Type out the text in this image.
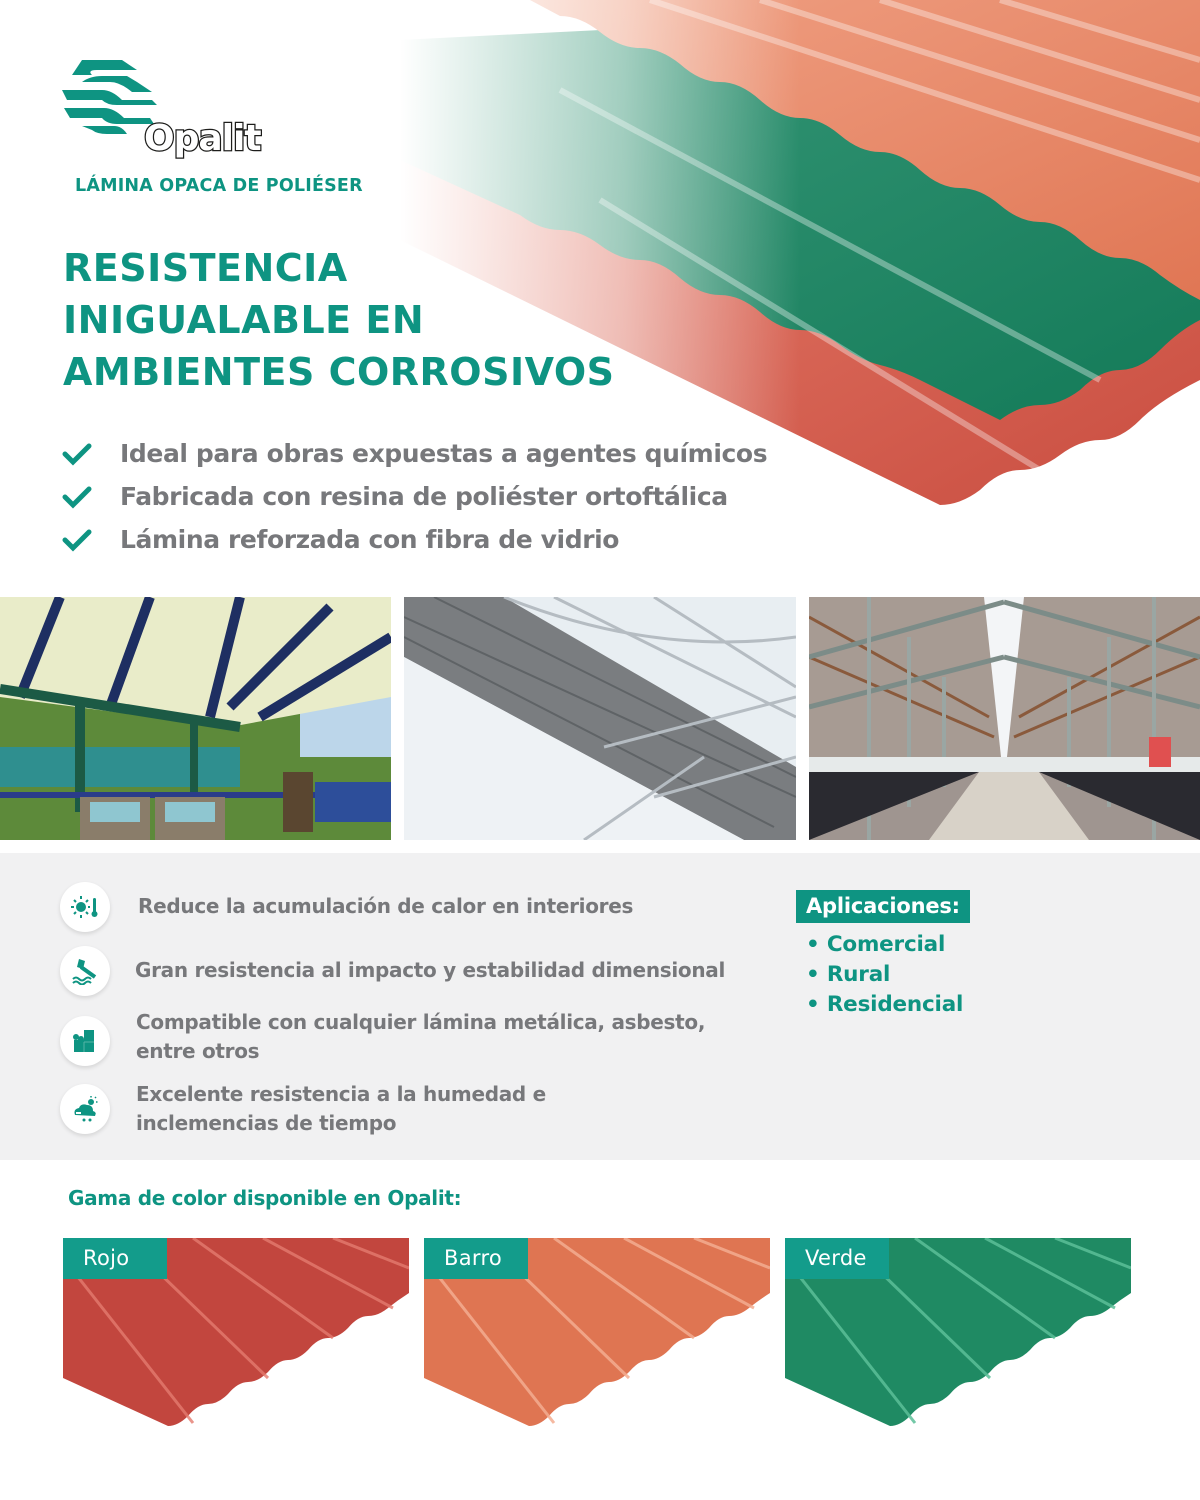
Opalit
LÁMINA OPACA DE POLIÉSER
RESISTENCIA
INIGUALABLE EN
AMBIENTES CORROSIVOS
Ideal para obras expuestas a agentes químicos
Fabricada con resina de poliéster ortoftálica
Lámina reforzada con fibra de vidrio
Reduce la acumulación de calor en interiores
Gran resistencia al impacto y estabilidad dimensional
Compatible con cualquier lámina metálica, asbesto,
entre otros
Excelente resistencia a la humedad e
inclemencias de tiempo
Aplicaciones:
• Comercial
• Rural
• Residencial
Gama de color disponible en Opalit:
Rojo	Barro	Verde
